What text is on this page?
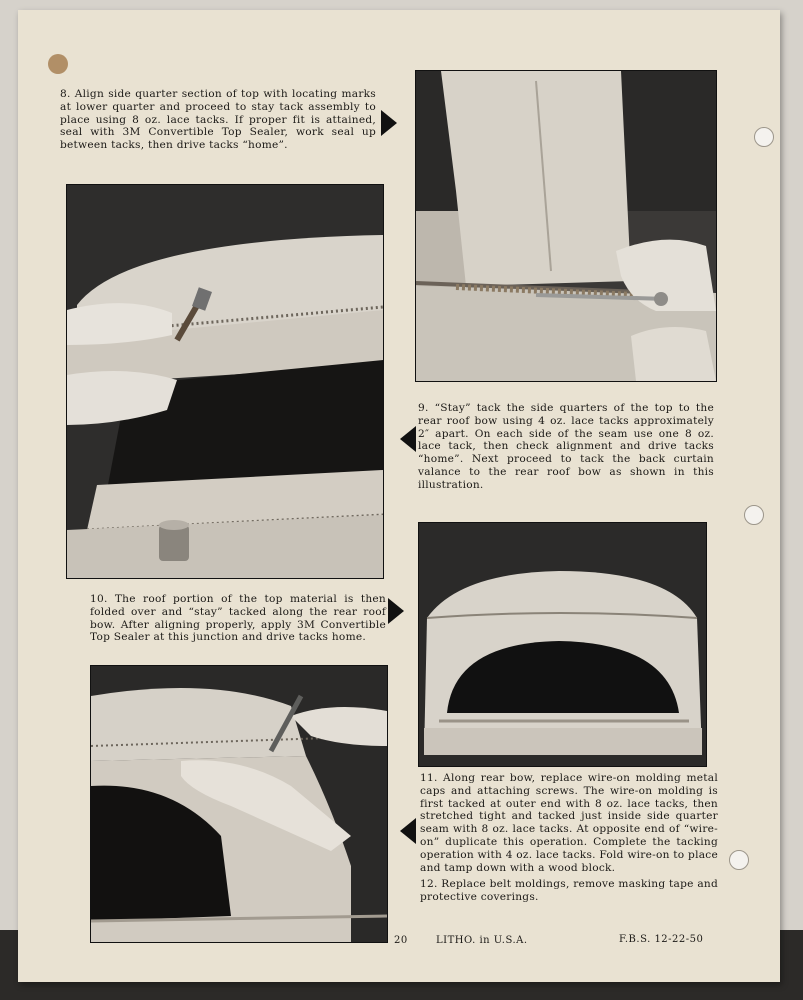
8. Align side quarter section of top with locating marks at lower quarter and proceed to stay tack assembly to place using 8 oz. lace tacks. If proper fit is attained, seal with 3M Convertible Top Sealer, work seal up between tacks, then drive tacks “home”.
9. “Stay” tack the side quarters of the top to the rear roof bow using 4 oz. lace tacks approximately 2″ apart. On each side of the seam use one 8 oz. lace tack, then check alignment and drive tacks “home”. Next proceed to tack the back curtain valance to the rear roof bow as shown in this illustration.
10. The roof portion of the top material is then folded over and “stay” tacked along the rear roof bow. After aligning properly, apply 3M Convertible Top Sealer at this junction and drive tacks home.
11. Along rear bow, replace wire-on molding metal caps and attaching screws. The wire-on molding is first tacked at outer end with 8 oz. lace tacks, then stretched tight and tacked just inside side quarter seam with 8 oz. lace tacks. At opposite end of “wire-on” duplicate this operation. Complete the tacking operation with 4 oz. lace tacks. Fold wire-on to place and tamp down with a wood block.
12. Replace belt moldings, remove masking tape and protective coverings.
20	LITHO. in U.S.A.	F.B.S. 12-22-50
